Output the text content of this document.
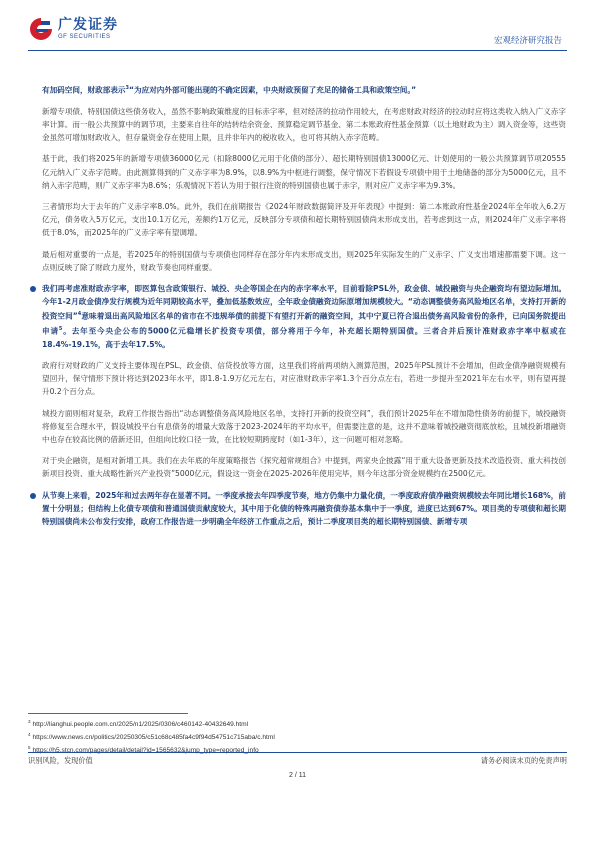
广发证券
GF SECURITIES	宏观经济研究报告

有加码空间，财政部表示$^3$“为应对内外部可能出现的不确定因素，中央财政预留了充足的储备工具和政策空间。”

新增专项债、特别国债这些债务收入，虽然不影响政策维度的目标赤字率，但对经济的拉动作用较大，在考虑财政对经济的拉动时应将这类收入纳入广义赤字率计算。而一般公共预算中的调节项，主要来自往年的结转结余资金、预算稳定调节基金、第二本账政府性基金预算（以土地财政为主）调入资金等，这些资金虽然可增加财政收入，但存量资金存在使用上限，且并非年内的税收收入，也可将其纳入赤字范畴。

基于此，我们将2025年的新增专项债36000亿元（扣除8000亿元用于化债的部分）、超长期特别国债13000亿元、计划使用的一般公共预算调节项20555亿元纳入广义赤字范畴。由此测算得到的广义赤字率为8.9%，以8.9%为中枢进行调整，保守情况下若假设专项债中用于土地储备的部分为5000亿元，且不纳入赤字范畴，则广义赤字率为8.6%；乐观情况下若认为用于银行注资的特别国债也属于赤字，则对应广义赤字率为9.3%。

三者情形均大于去年的广义赤字率8.0%。此外，我们在前期报告《2024年财政数据简评及开年表现》中提到：第二本账政府性基金2024年全年收入6.2万亿元，债务收入5万亿元，支出10.1万亿元，差额约1万亿元，反映部分专项债和超长期特别国债尚未形成支出，若考虑到这一点，则2024年广义赤字率将低于8.0%，而2025年的广义赤字率有望调增。

最后相对重要的一点是，若2025年的特别国债与专项债也同样存在部分年内未形成支出，则2025年实际发生的广义赤字、广义支出增速都需要下调。这一点则反映了除了财政力度外，财政节奏也同样重要。

我们再考虑准财政赤字率，即医算包含政策银行、城投、央企等国企在内的赤字率水平，目前看除PSL外，政金债、城投融资与央企融资均有望边际增加。今年1-2月政金债净发行规模为近年同期较高水平，叠加低基数效应，全年政金债融资边际原增加规模较大。“动态调整债务高风险地区名单，支持打开新的投资空间”$^4$意味着退出高风险地区名单的省市在不违规举债的前提下有望打开新的融资空间，其中宁夏已符合退出债务高风险省份的条件，已向国务院提出申请$^5$。去年至今央企公布的5000亿元稳增长扩投资专项债，部分将用于今年，补充超长期特别国债。三者合并后预计准财政赤字率中枢或在18.4%-19.1%，高于去年17.5%。

政府行对财政的广义支持主要体现在PSL、政金债、信贷投放等方面，这里我们将前两项纳入测算范围，2025年PSL预计不会增加，但政金债净融资规模有望回升，保守情形下预计将达到2023年水平，即1.8-1.9万亿元左右，对应准财政赤字率1.3个百分点左右，若进一步提升至2021年左右水平，则有望再提升0.2个百分点。

城投方面则相对复杂，政府工作报告指出“动态调整债务高风险地区名单，支持打开新的投资空间”，我们预计2025年在不增加隐性债务的前提下，城投融资将修复至合理水平，假设城投平台有息债务的增量大致落于2023-2024年的平均水平，但需要注意的是，这并不意味着城投融资彻底放松，且城投新增融资中也存在较高比例的借新还旧，但组向比较口径一致，在比较短期跨度时（如1-3年），这一问题可相对忽略。

对于央企融资，是相对新增工具。我们在去年底的年度策略报告《探究超常规组合》中提到，两家央企披露“用于重大设备更新及技术改造投资、重大科技创新项目投资、重大战略性新兴产业投资”5000亿元，假设这一资金在2025-2026年使用完毕，则今年这部分资金规模约在2500亿元。

从节奏上来看，2025年和过去两年存在显著不同。一季度承接去年四季度节奏，地方仍集中力量化债，一季度政府债净融资规模较去年同比增长168%，前置十分明显；但结构上化债专项债和普通国债贡献度较大，其中用于化债的特殊再融资债券基本集中于一季度，进度已达到67%。项目类的专项债和超长期特别国债尚未公布发行安排，政府工作报告进一步明确全年经济工作重点之后，预计二季度项目类的超长期特别国债、新增专项

$^3$ http://lianghui.people.com.cn/2025/n1/2025/0306/c460142-40432649.html
$^4$ https://www.news.cn/politics/20250305/c51c68c485fa4c9f94d54751c715aba/c.html
$^5$ https://h5.stcn.com/pages/detail/detail?id=1565632&jump_type=reported_info
识别风险，发现价值	请务必阅读末页的免责声明
2 / 11
